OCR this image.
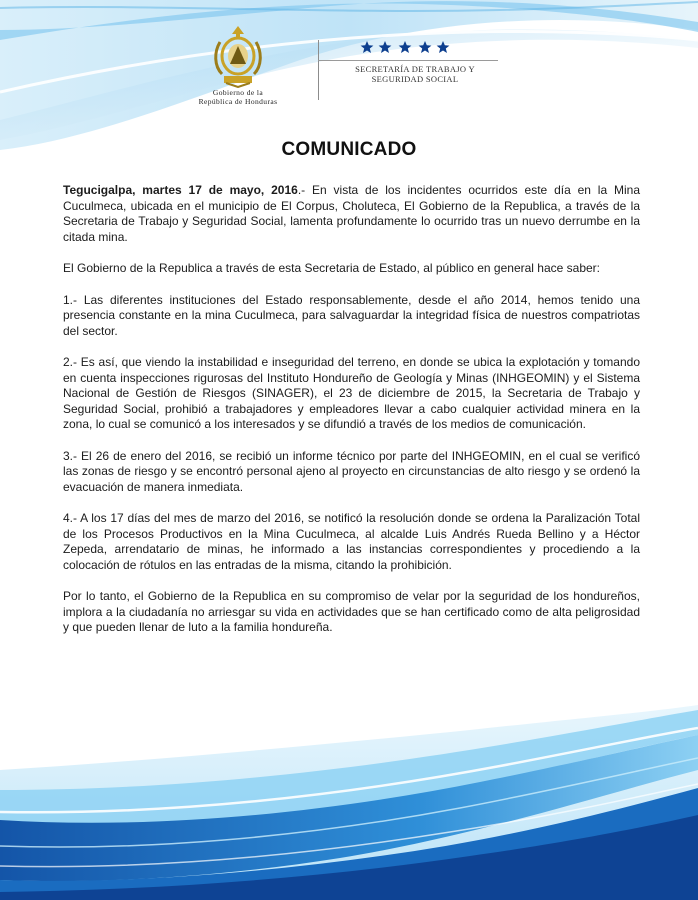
Gobierno de la
República de Honduras
SECRETARÍA DE TRABAJO Y
SEGURIDAD SOCIAL
COMUNICADO

Tegucigalpa, martes 17 de mayo, 2016.- En vista de los incidentes ocurridos este día en la Mina Cuculmeca, ubicada en el municipio de El Corpus, Choluteca, El Gobierno de la Republica, a través de la Secretaria de Trabajo y Seguridad Social, lamenta profundamente lo ocurrido tras un nuevo derrumbe en la citada mina.

El Gobierno de la Republica a través de esta Secretaria de Estado, al público en general hace saber:

1.- Las diferentes instituciones del Estado responsablemente, desde el año 2014, hemos tenido una presencia constante en la mina Cuculmeca, para salvaguardar la integridad física de nuestros compatriotas del sector.

2.- Es así, que viendo la instabilidad e inseguridad del terreno, en donde se ubica la explotación y tomando en cuenta inspecciones rigurosas del Instituto Hondureño de Geología y Minas (INHGEOMIN) y el Sistema Nacional de Gestión de Riesgos (SINAGER), el 23 de diciembre de 2015, la Secretaria de Trabajo y Seguridad Social, prohibió a trabajadores y empleadores llevar a cabo cualquier actividad minera en la zona, lo cual se comunicó a los interesados y se difundió a través de los medios de comunicación.

3.- El 26 de enero del 2016, se recibió un informe técnico por parte del INHGEOMIN, en el cual se verificó las zonas de riesgo y se encontró personal ajeno al proyecto en circunstancias de alto riesgo y se ordenó la evacuación de manera inmediata.

4.- A los 17 días del mes de marzo del 2016, se notificó la resolución donde se ordena la Paralización Total de los Procesos Productivos en la Mina Cuculmeca, al alcalde Luis Andrés Rueda Bellino y a Héctor Zepeda, arrendatario de minas, he informado a las instancias correspondientes y procediendo a la colocación de rótulos en las entradas de la misma, citando la prohibición.

Por lo tanto, el Gobierno de la Republica en su compromiso de velar por la seguridad de los hondureños, implora a la ciudadanía no arriesgar su vida en actividades que se han certificado como de alta peligrosidad y que pueden llenar de luto a la familia hondureña.
